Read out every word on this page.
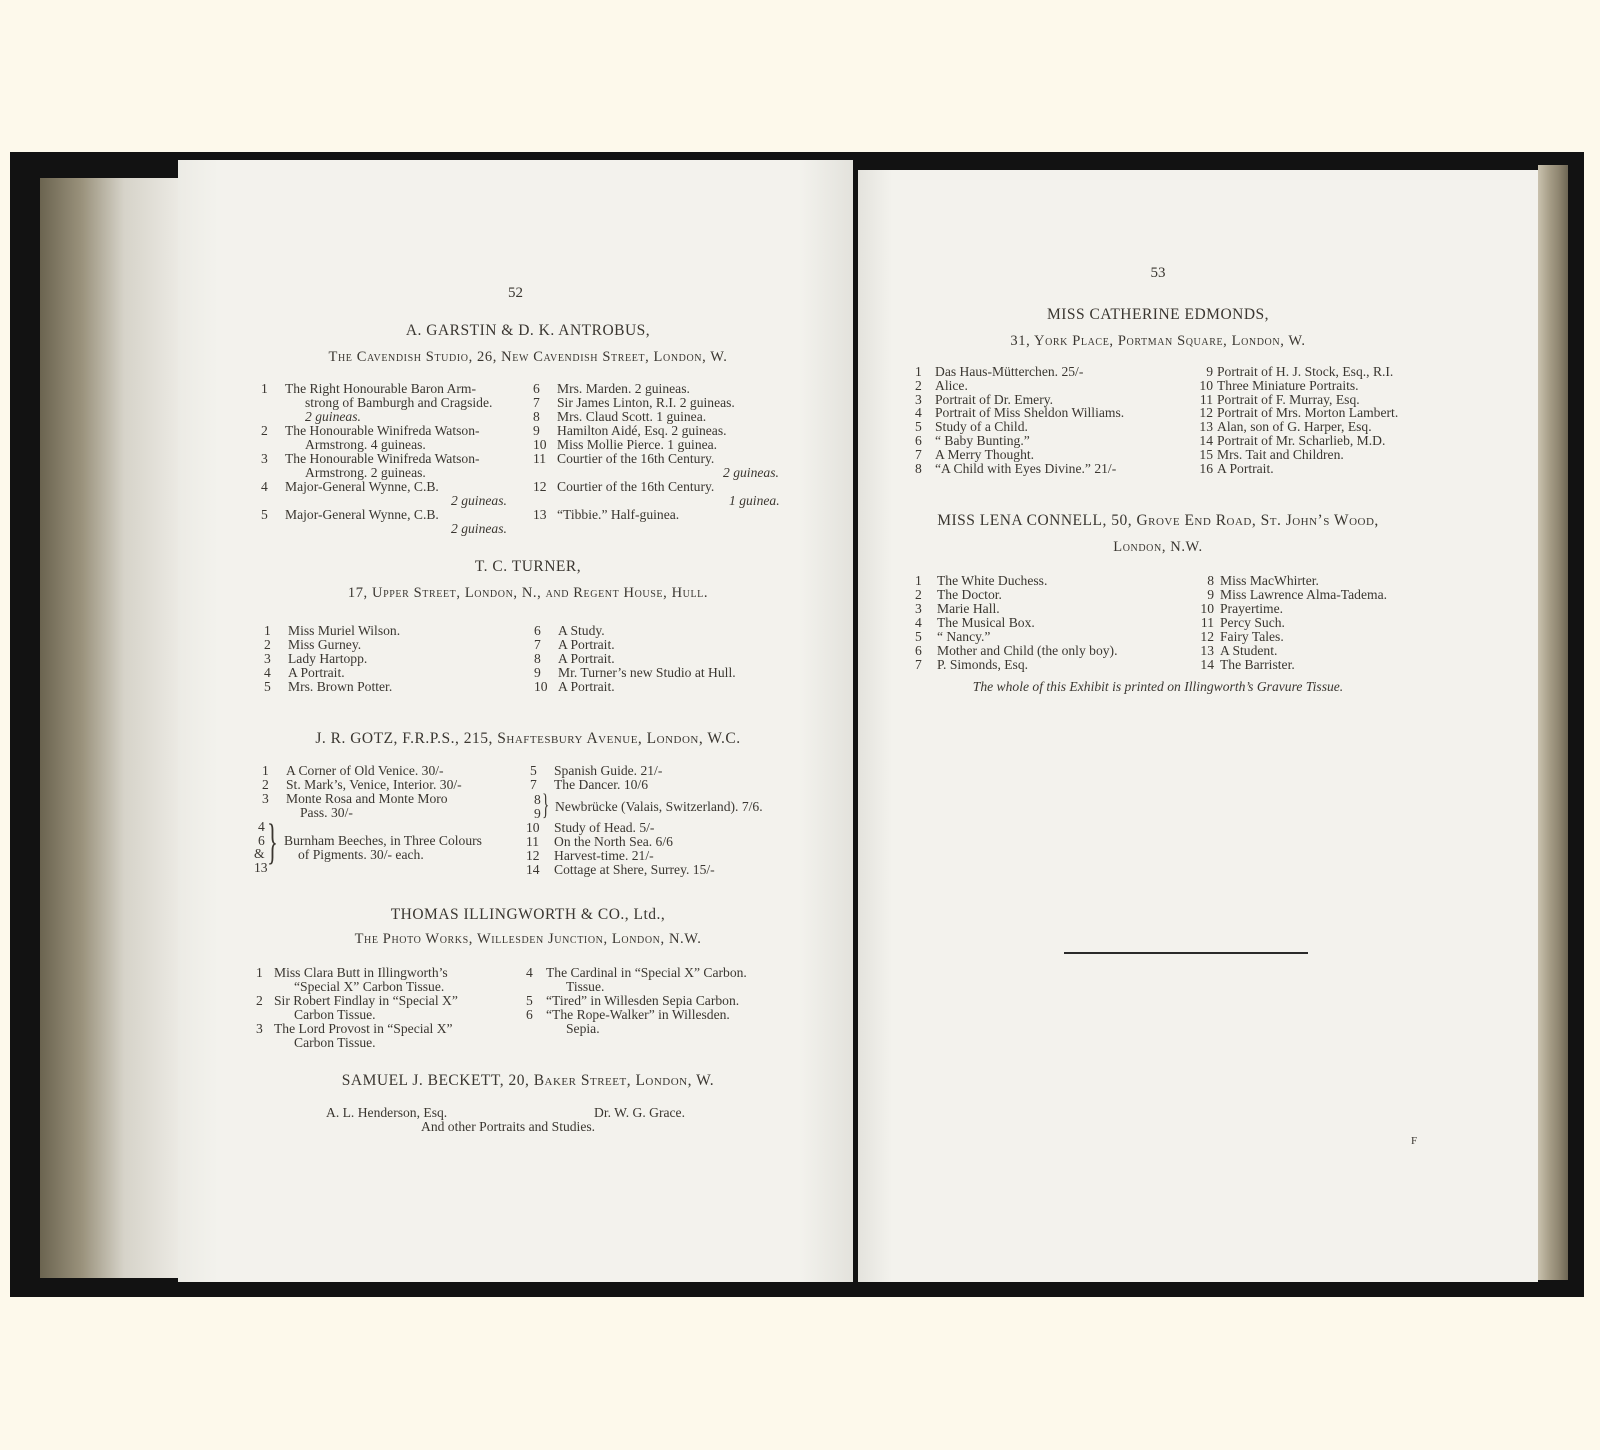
52
A. GARSTIN & D. K. ANTROBUS,
The Cavendish Studio, 26, New Cavendish Street, London, W.
1 The Right Honourable Baron Arm-
strong of Bamburgh and Cragside.
2 guineas.
2 The Honourable Winifreda Watson-
Armstrong. 4 guineas.
3 The Honourable Winifreda Watson-
Armstrong. 2 guineas.
4 Major-General Wynne, C.B.
2 guineas.
5 Major-General Wynne, C.B.
2 guineas.
6 Mrs. Marden. 2 guineas.
7 Sir James Linton, R.I. 2 guineas.
8 Mrs. Claud Scott. 1 guinea.
9 Hamilton Aidé, Esq. 2 guineas.
10 Miss Mollie Pierce. 1 guinea.
11 Courtier of the 16th Century.
2 guineas.
12 Courtier of the 16th Century.
1 guinea.
13 “Tibbie.” Half-guinea.
T. C. TURNER,
17, Upper Street, London, N., and Regent House, Hull.
1 Miss Muriel Wilson.
2 Miss Gurney.
3 Lady Hartopp.
4 A Portrait.
5 Mrs. Brown Potter.
6 A Study.
7 A Portrait.
8 A Portrait.
9 Mr. Turner’s new Studio at Hull.
10 A Portrait.
J. R. GOTZ, F.R.P.S., 215, Shaftesbury Avenue, London, W.C.
1 A Corner of Old Venice. 30/-
2 St. Mark’s, Venice, Interior. 30/-
3 Monte Rosa and Monte Moro
Pass. 30/-
4
6
&
13 } Burnham Beeches, in Three Colours
of Pigments. 30/- each.
5 Spanish Guide. 21/-
7 The Dancer. 10/6
8
9 } Newbrücke (Valais, Switzerland). 7/6.
10 Study of Head. 5/-
11 On the North Sea. 6/6
12 Harvest-time. 21/-
14 Cottage at Shere, Surrey. 15/-
THOMAS ILLINGWORTH & CO., Ltd.,
The Photo Works, Willesden Junction, London, N.W.
1 Miss Clara Butt in Illingworth’s
“Special X” Carbon Tissue.
2 Sir Robert Findlay in “Special X”
Carbon Tissue.
3 The Lord Provost in “Special X”
Carbon Tissue.
4 The Cardinal in “Special X” Carbon.
Tissue.
5 “Tired” in Willesden Sepia Carbon.
6 “The Rope-Walker” in Willesden.
Sepia.
SAMUEL J. BECKETT, 20, Baker Street, London, W.
A. L. Henderson, Esq.	Dr. W. G. Grace.
And other Portraits and Studies.
53
MISS CATHERINE EDMONDS,
31, York Place, Portman Square, London, W.
1 Das Haus-Mütterchen. 25/-
2 Alice.
3 Portrait of Dr. Emery.
4 Portrait of Miss Sheldon Williams.
5 Study of a Child.
6 “ Baby Bunting.”
7 A Merry Thought.
8 “A Child with Eyes Divine.” 21/-
9 Portrait of H. J. Stock, Esq., R.I.
10 Three Miniature Portraits.
11 Portrait of F. Murray, Esq.
12 Portrait of Mrs. Morton Lambert.
13 Alan, son of G. Harper, Esq.
14 Portrait of Mr. Scharlieb, M.D.
15 Mrs. Tait and Children.
16 A Portrait.
MISS LENA CONNELL, 50, Grove End Road, St. John’s Wood,
London, N.W.
1 The White Duchess.
2 The Doctor.
3 Marie Hall.
4 The Musical Box.
5 “ Nancy.”
6 Mother and Child (the only boy).
7 P. Simonds, Esq.
8 Miss MacWhirter.
9 Miss Lawrence Alma-Tadema.
10 Prayertime.
11 Percy Such.
12 Fairy Tales.
13 A Student.
14 The Barrister.
The whole of this Exhibit is printed on Illingworth’s Gravure Tissue.
F
